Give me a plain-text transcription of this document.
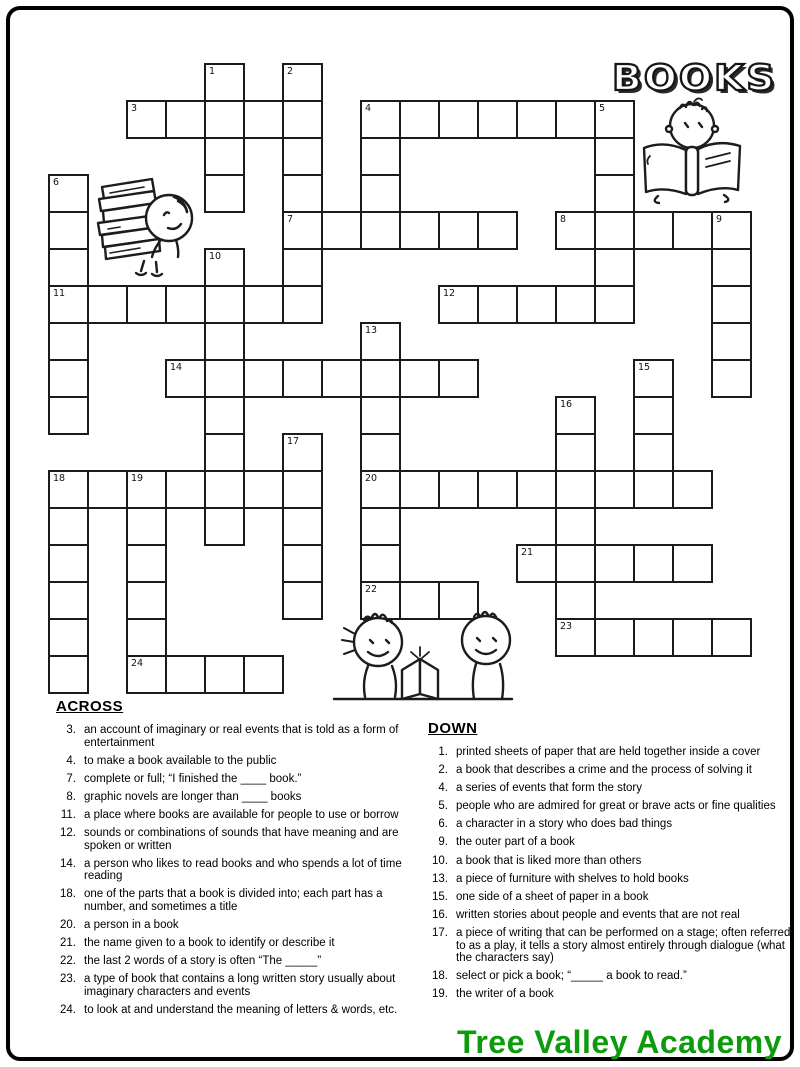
1	2
3	4	5
6
7	8	9
10
11	12
13
14	15
16
17
18	19	20
21
22
23
24
BOOKS
ACROSS
3. an account of imaginary or real events that is told as a form of entertainment
4. to make a book available to the public
7. complete or full; “I finished the ____ book.”
8. graphic novels are longer than ____ books
11. a place where books are available for people to use or borrow
12. sounds or combinations of sounds that have meaning and are spoken or written
14. a person who likes to read books and who spends a lot of time reading
18. one of the parts that a book is divided into; each part has a number, and sometimes a title
20. a person in a book
21. the name given to a book to identify or describe it
22. the last 2 words of a story is often “The _____”
23. a type of book that contains a long written story usually about imaginary characters and events
24. to look at and understand the meaning of letters & words, etc.
DOWN
1. printed sheets of paper that are held together inside a cover
2. a book that describes a crime and the process of solving it
4. a series of events that form the story
5. people who are admired for great or brave acts or fine qualities
6. a character in a story who does bad things
9. the outer part of a book
10. a book that is liked more than others
13. a piece of furniture with shelves to hold books
15. one side of a sheet of paper in a book
16. written stories about people and events that are not real
17. a piece of writing that can be performed on a stage; often referred to as a play, it tells a story almost entirely through dialogue (what the characters say)
18. select or pick a book; “_____ a book to read.”
19. the writer of a book
Tree Valley Academy
